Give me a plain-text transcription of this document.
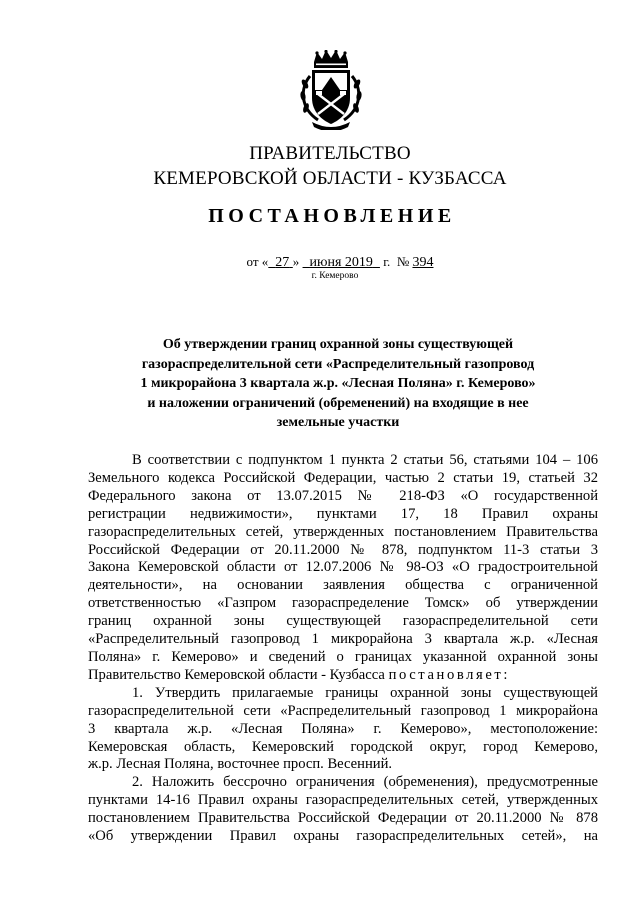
ПРАВИТЕЛЬСТВО
КЕМЕРОВСКОЙ ОБЛАСТИ - КУЗБАССА
ПОСТАНОВЛЕНИЕ
от « 27 » июня 2019 г. № 394
г. Кемерово
Об утверждении границ охранной зоны существующей
газораспределительной сети «Распределительный газопровод
1 микрорайона 3 квартала ж.р. «Лесная Поляна» г. Кемерово»
и наложении ограничений (обременений) на входящие в нее
земельные участки
В соответствии с подпунктом 1 пункта 2 статьи 56, статьями 104 – 106
Земельного кодекса Российской Федерации, частью 2 статьи 19, статьей 32
Федерального закона от 13.07.2015 № 218-ФЗ «О государственной
регистрации недвижимости», пунктами 17, 18 Правил охраны
газораспределительных сетей, утвержденных постановлением Правительства
Российской Федерации от 20.11.2000 № 878, подпунктом 11-3 статьи 3
Закона Кемеровской области от 12.07.2006 № 98-ОЗ «О градостроительной
деятельности», на основании заявления общества с ограниченной
ответственностью «Газпром газораспределение Томск» об утверждении
границ охранной зоны существующей газораспределительной сети
«Распределительный газопровод 1 микрорайона 3 квартала ж.р. «Лесная
Поляна» г. Кемерово» и сведений о границах указанной охранной зоны
Правительство Кемеровской области - Кузбасса постановляет:
1. Утвердить прилагаемые границы охранной зоны существующей
газораспределительной сети «Распределительный газопровод 1 микрорайона
3 квартала ж.р. «Лесная Поляна» г. Кемерово», местоположение:
Кемеровская область, Кемеровский городской округ, город Кемерово,
ж.р. Лесная Поляна, восточнее просп. Весенний.
2. Наложить бессрочно ограничения (обременения), предусмотренные
пунктами 14-16 Правил охраны газораспределительных сетей, утвержденных
постановлением Правительства Российской Федерации от 20.11.2000 № 878
«Об утверждении Правил охраны газораспределительных сетей», на
